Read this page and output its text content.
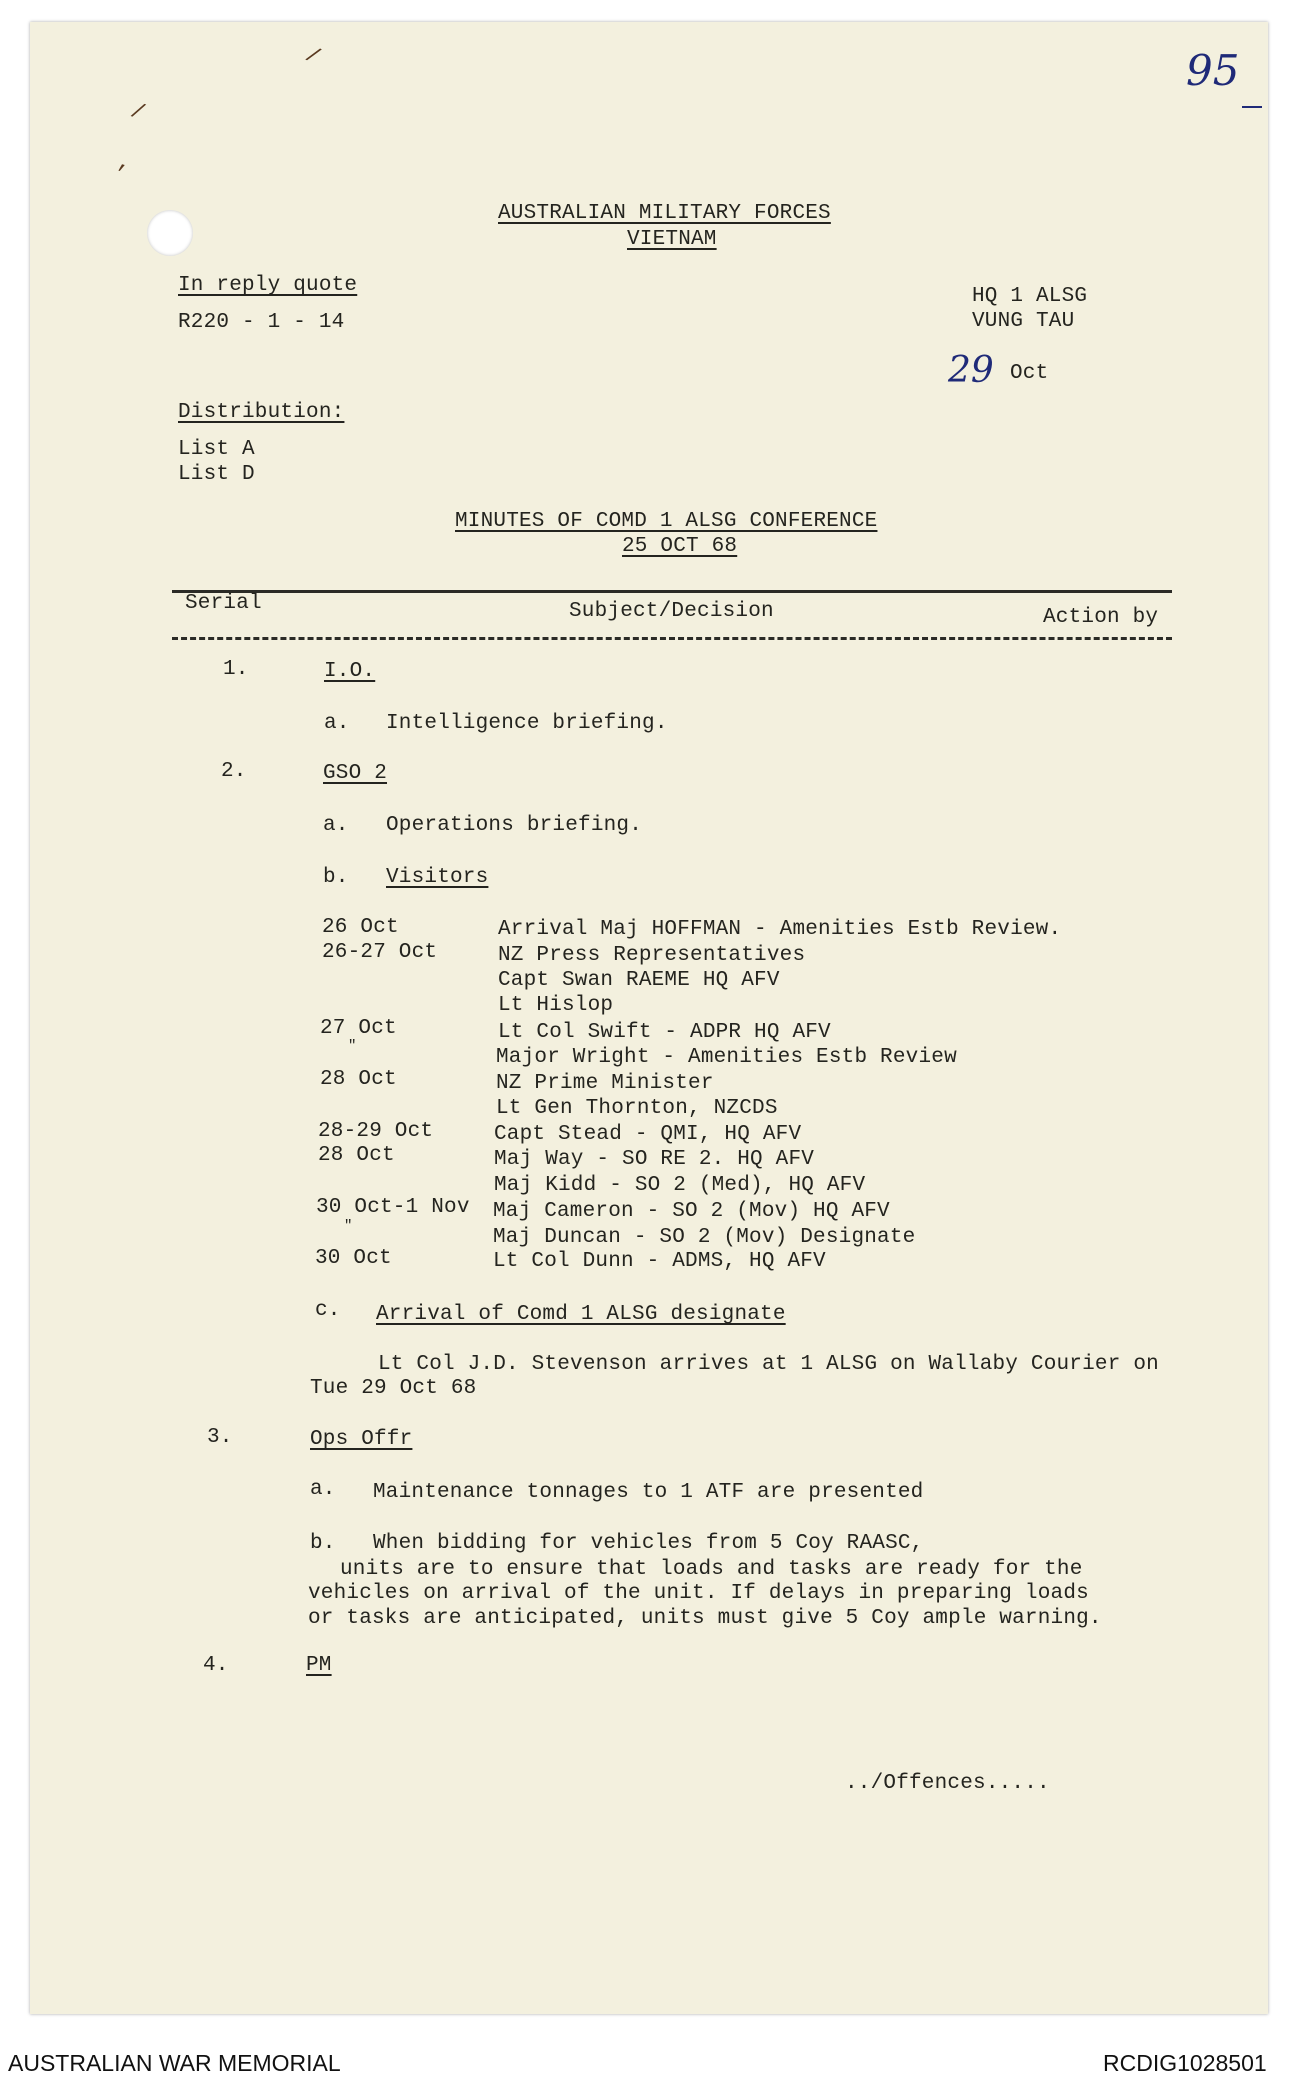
/
,
/	95
AUSTRALIAN MILITARY FORCES
VIETNAM
In reply quote
R220 - 1 - 14
HQ 1 ALSG
VUNG TAU
29 Oct
Distribution:
List A
List D
MINUTES OF COMD 1 ALSG CONFERENCE
25 OCT 68
Serial	Subject/Decision	Action by
1.	I.O.
a. Intelligence briefing.
2.	GSO 2
a. Operations briefing.
b. Visitors
26 Oct	Arrival Maj HOFFMAN - Amenities Estb Review.
26-27 Oct	NZ Press Representatives
Capt Swan RAEME HQ AFV
Lt Hislop
27 Oct	Lt Col Swift - ADPR HQ AFV
"	Major Wright - Amenities Estb Review
28 Oct	NZ Prime Minister
Lt Gen Thornton, NZCDS
28-29 Oct	Capt Stead - QMI, HQ AFV
28 Oct	Maj Way - SO RE 2. HQ AFV
Maj Kidd - SO 2 (Med), HQ AFV
30 Oct-1 Nov Maj Cameron - SO 2 (Mov) HQ AFV
"	Maj Duncan - SO 2 (Mov) Designate
30 Oct	Lt Col Dunn - ADMS, HQ AFV
c. Arrival of Comd 1 ALSG designate
Lt Col J.D. Stevenson arrives at 1 ALSG on Wallaby Courier on
Tue 29 Oct 68
3.	Ops Offr
a. Maintenance tonnages to 1 ATF are presented
b. When bidding for vehicles from 5 Coy RAASC,
units are to ensure that loads and tasks are ready for the
vehicles on arrival of the unit. If delays in preparing loads
or tasks are anticipated, units must give 5 Coy ample warning.
4.	PM
../Offences.....
AUSTRALIAN WAR MEMORIAL	RCDIG1028501
